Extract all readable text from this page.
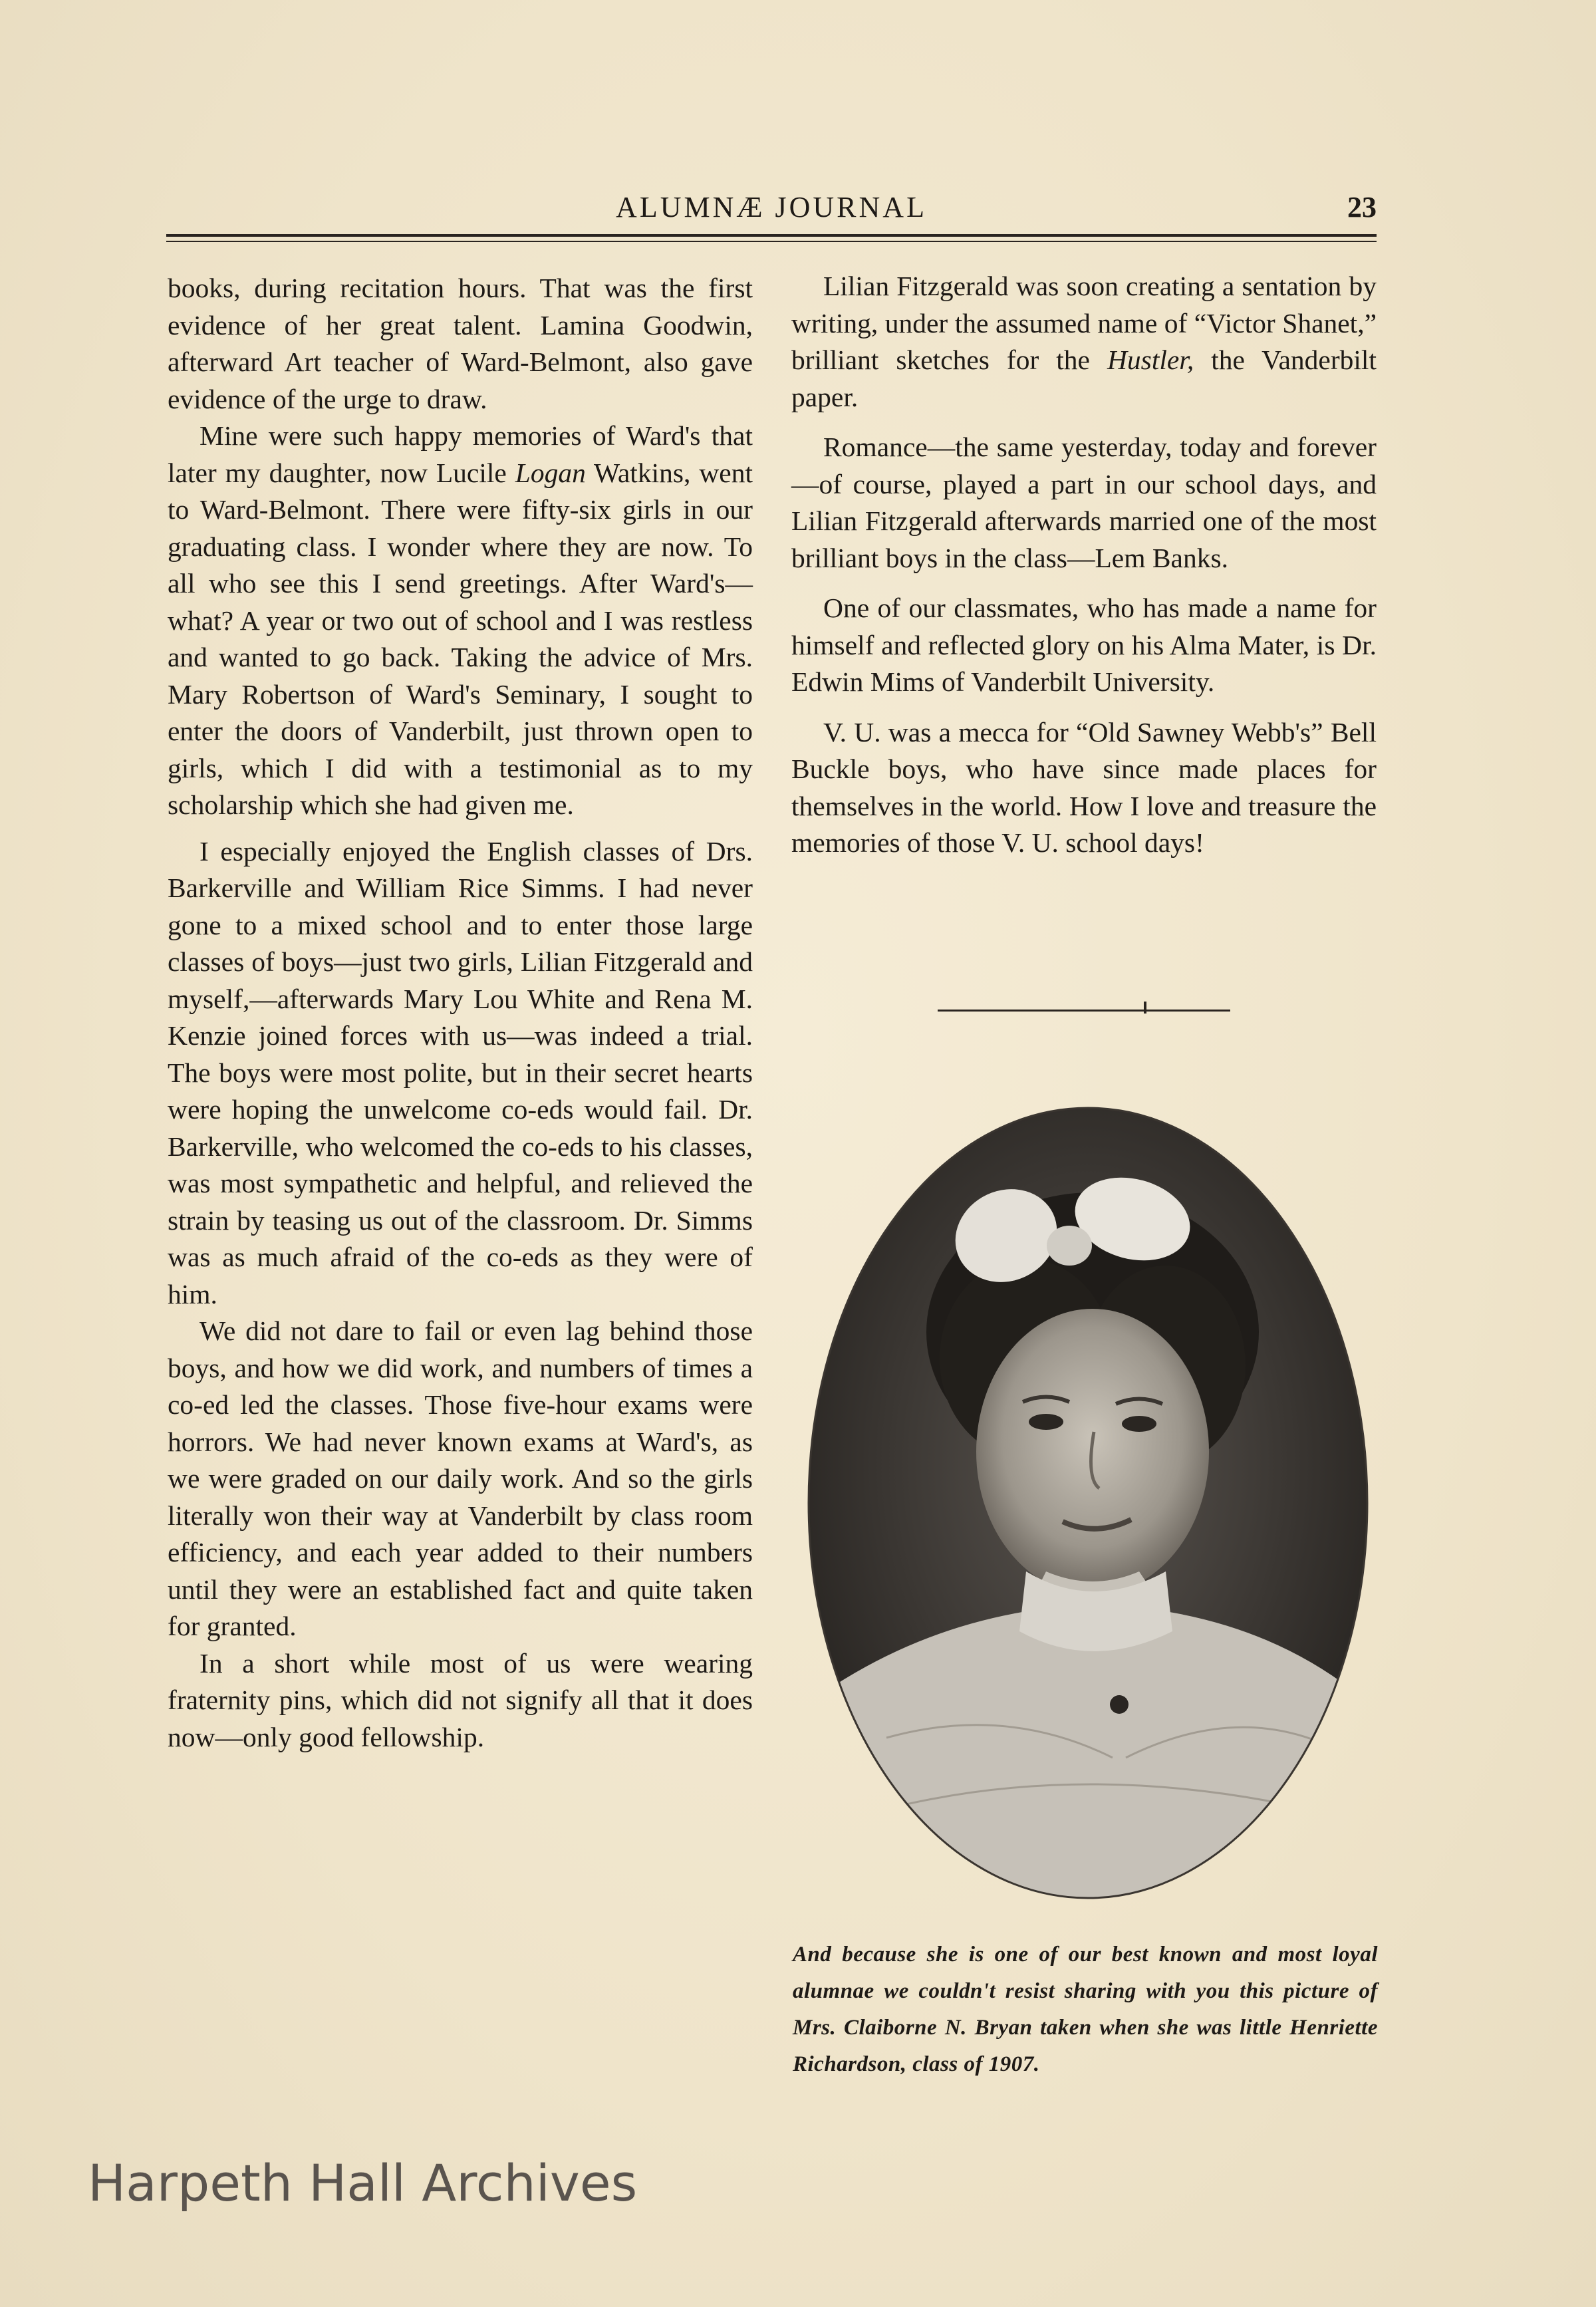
ALUMNÆ JOURNAL	23

books, during recitation hours. That was the first evidence of her great talent. Lamina Goodwin, afterward Art teacher of Ward-Belmont, also gave evidence of the urge to draw.

Mine were such happy memories of Ward's that later my daughter, now Lucile Logan Watkins, went to Ward-Belmont. There were fifty-six girls in our graduating class. I wonder where they are now. To all who see this I send greetings. After Ward's—what? A year or two out of school and I was restless and wanted to go back. Taking the advice of Mrs. Mary Robertson of Ward's Seminary, I sought to enter the doors of Vanderbilt, just thrown open to girls, which I did with a testimonial as to my scholarship which she had given me.

I especially enjoyed the English classes of Drs. Barkerville and William Rice Simms. I had never gone to a mixed school and to enter those large classes of boys—just two girls, Lilian Fitzgerald and myself,—afterwards Mary Lou White and Rena M. Kenzie joined forces with us—was indeed a trial. The boys were most polite, but in their secret hearts were hoping the unwelcome co-eds would fail. Dr. Barkerville, who welcomed the co-eds to his classes, was most sympathetic and helpful, and relieved the strain by teasing us out of the classroom. Dr. Simms was as much afraid of the co-eds as they were of him.

We did not dare to fail or even lag behind those boys, and how we did work, and numbers of times a co-ed led the classes. Those five-hour exams were horrors. We had never known exams at Ward's, as we were graded on our daily work. And so the girls literally won their way at Vanderbilt by class room efficiency, and each year added to their numbers until they were an established fact and quite taken for granted.

In a short while most of us were wearing fraternity pins, which did not signify all that it does now—only good fellowship.

Lilian Fitzgerald was soon creating a sentation by writing, under the assumed name of “Victor Shanet,” brilliant sketches for the Hustler, the Vanderbilt paper.

Romance—the same yesterday, today and forever—of course, played a part in our school days, and Lilian Fitzgerald afterwards married one of the most brilliant boys in the class—Lem Banks.

One of our classmates, who has made a name for himself and reflected glory on his Alma Mater, is Dr. Edwin Mims of Vanderbilt University.

V. U. was a mecca for “Old Sawney Webb's” Bell Buckle boys, who have since made places for themselves in the world. How I love and treasure the memories of those V. U. school days!

And because she is one of our best known and most loyal alumnae we couldn't resist sharing with you this picture of Mrs. Claiborne N. Bryan taken when she was little Henriette Richardson, class of 1907.
Harpeth Hall Archives
